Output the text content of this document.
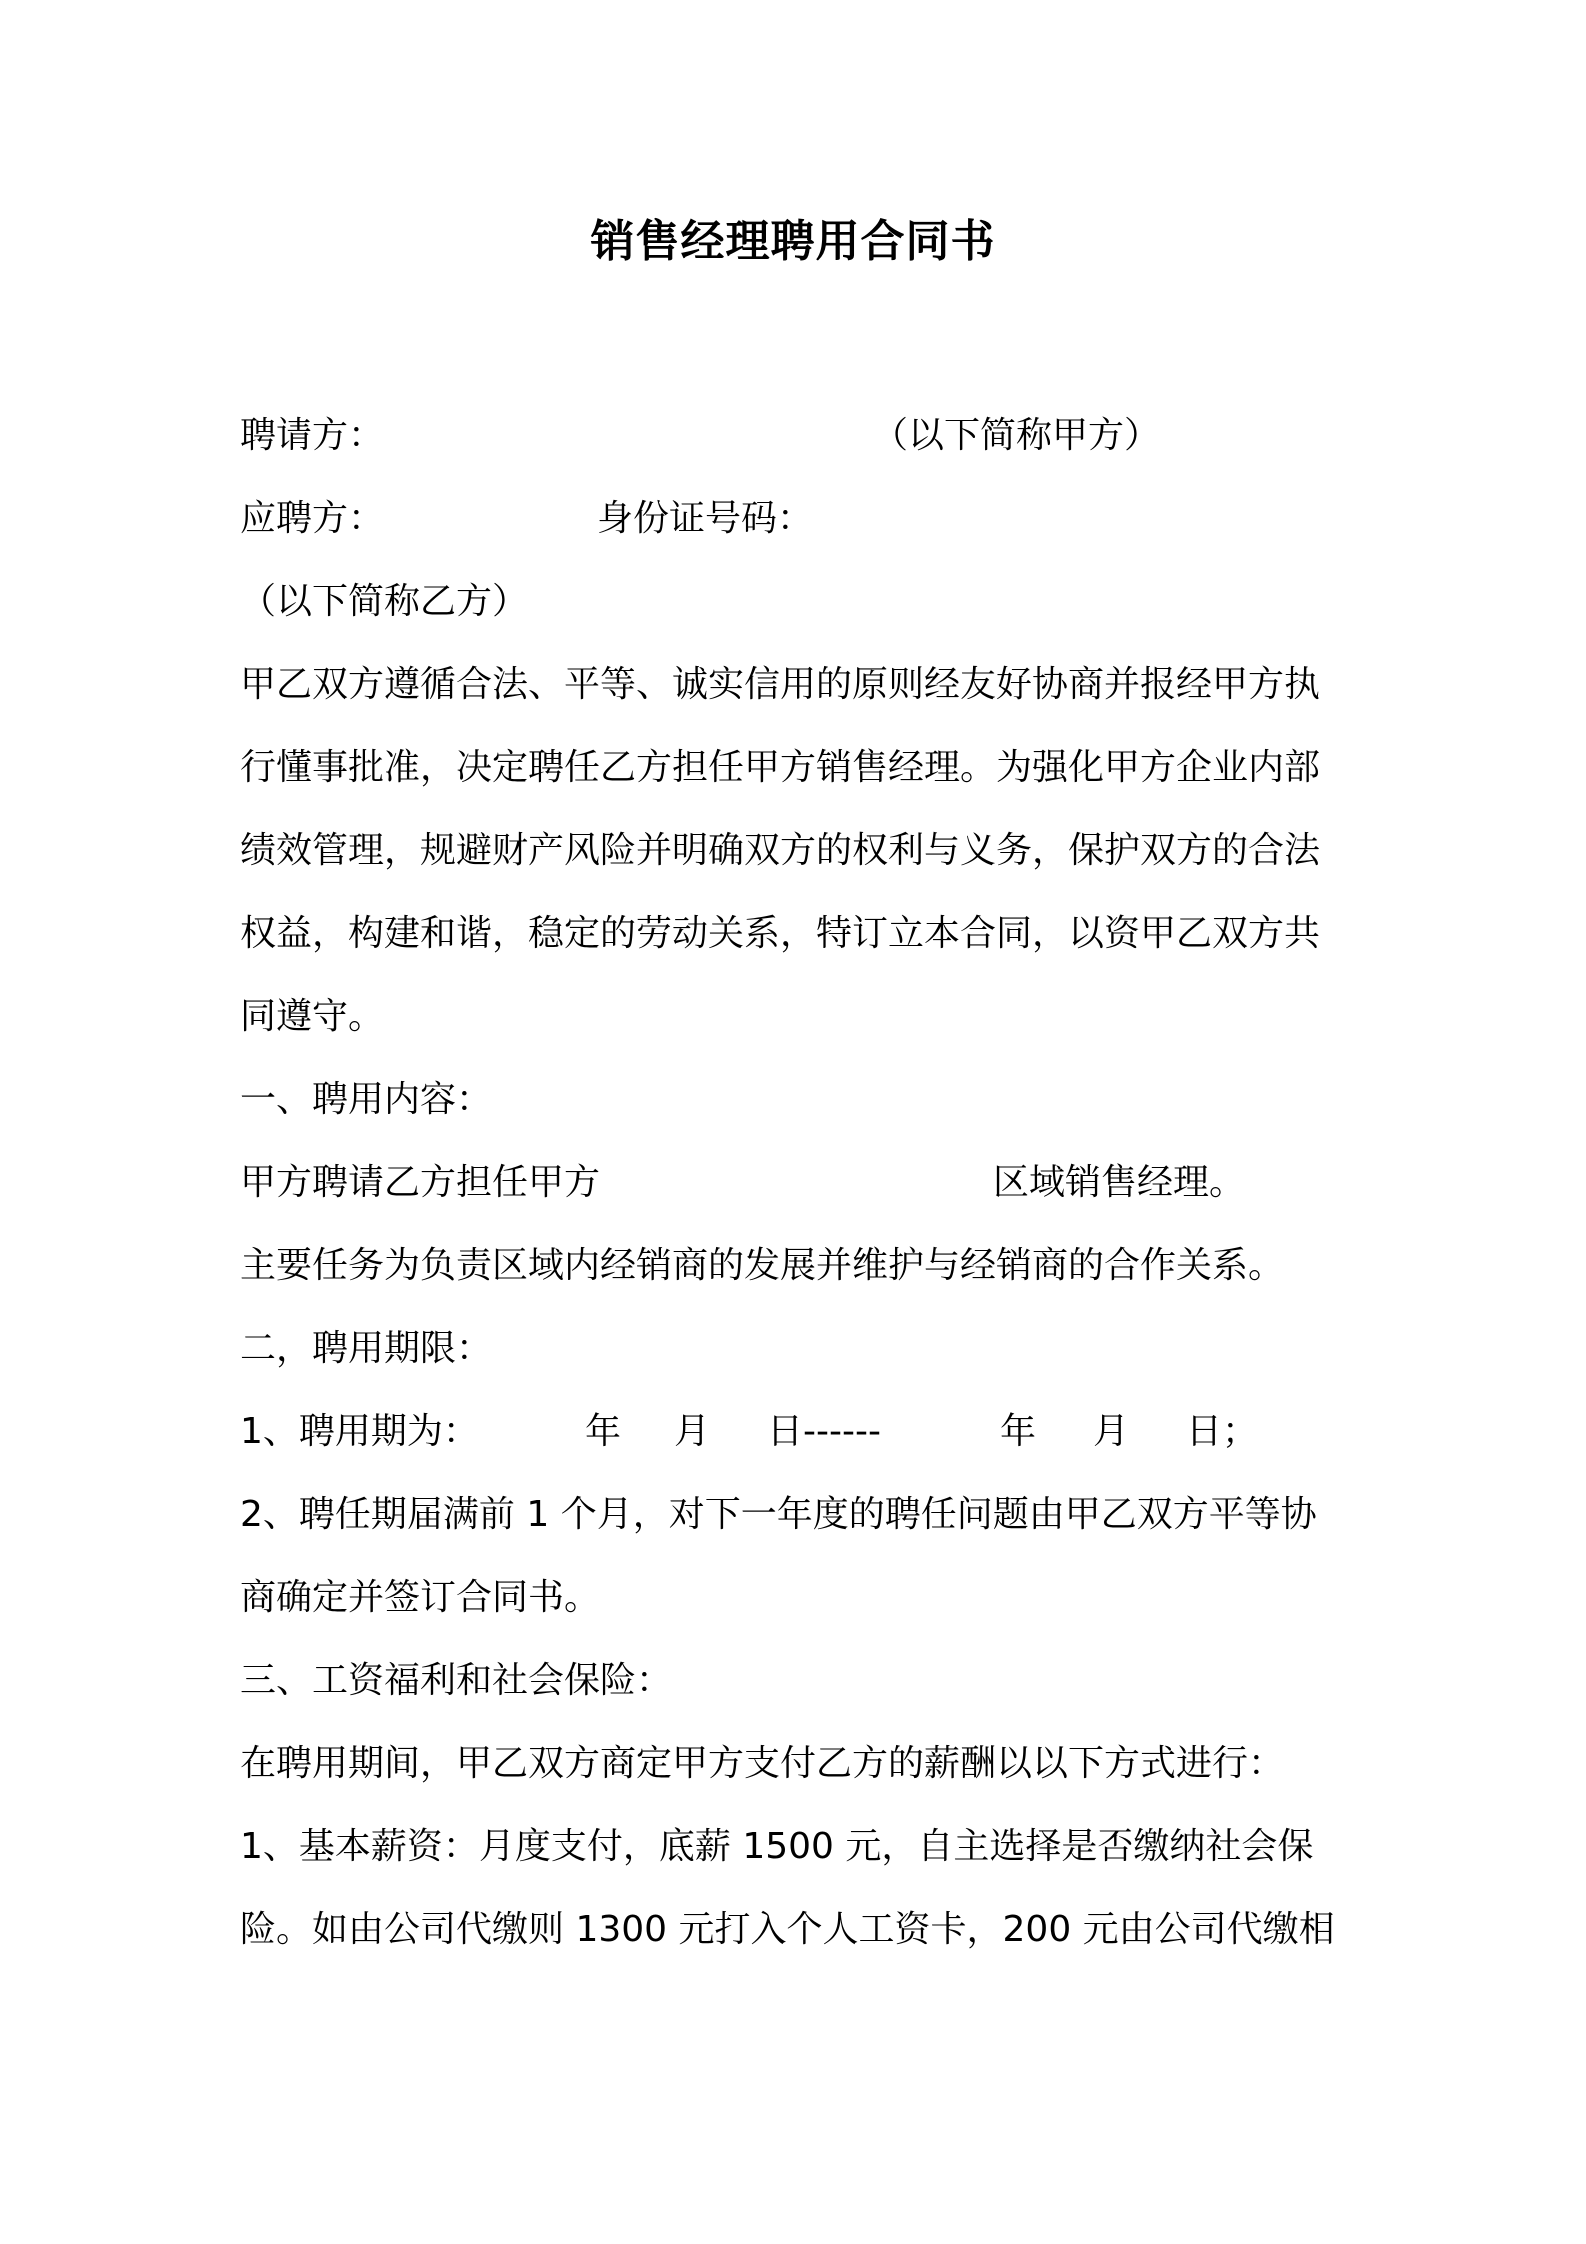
销售经理聘用合同书
聘请方：	（以下简称甲方）
应聘方：	身份证号码：
（以下简称乙方）
甲乙双方遵循合法、平等、诚实信用的原则经友好协商并报经甲方执
行懂事批准，决定聘任乙方担任甲方销售经理。为强化甲方企业内部
绩效管理，规避财产风险并明确双方的权利与义务，保护双方的合法
权益，构建和谐，稳定的劳动关系，特订立本合同，以资甲乙双方共
同遵守。
一、聘用内容：
甲方聘请乙方担任甲方	区域销售经理。
主要任务为负责区域内经销商的发展并维护与经销商的合作关系。
二，聘用期限：
1、聘用期为：	年 月 日------	年 月 日；
2、聘任期届满前 1 个月，对下一年度的聘任问题由甲乙双方平等协
商确定并签订合同书。
三、工资福利和社会保险：
在聘用期间，甲乙双方商定甲方支付乙方的薪酬以以下方式进行：
1、基本薪资：月度支付，底薪 1500 元，自主选择是否缴纳社会保
险。如由公司代缴则 1300 元打入个人工资卡，200 元由公司代缴相
